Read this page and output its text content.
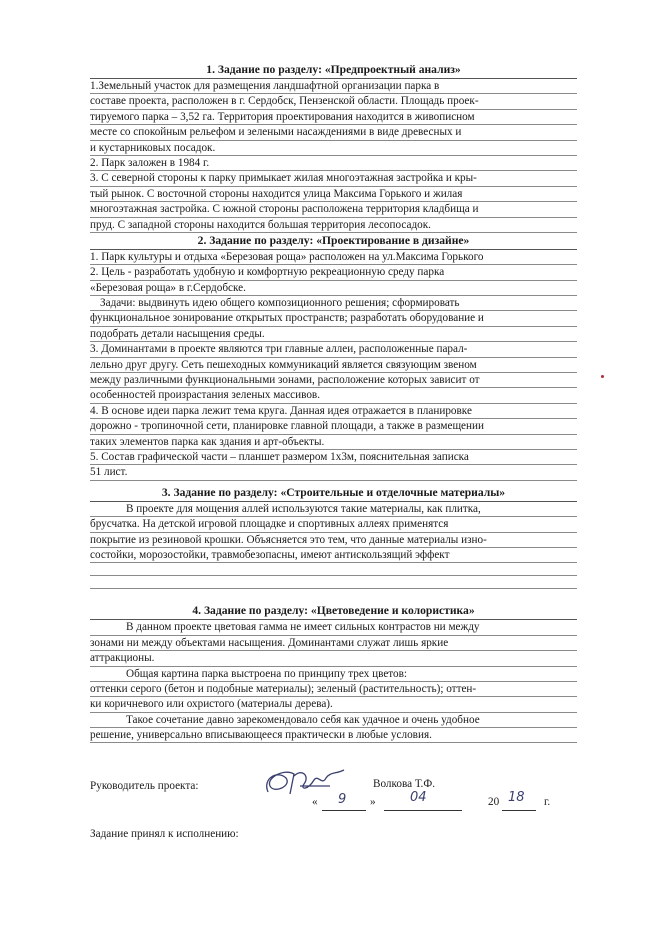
1. Задание по разделу: «Предпроектный анализ»
1.Земельный участок для размещения ландшафтной организации парка в
составе проекта, расположен в г. Сердобск, Пензенской области. Площадь проек-
тируемого парка – 3,52 га. Территория проектирования находится в живописном
месте со спокойным рельефом и зелеными насаждениями в виде древесных и
и кустарниковых посадок.
2. Парк заложен в 1984 г.
3. С северной стороны к парку примыкает жилая многоэтажная застройка и кры-
тый рынок. С восточной стороны находится улица Максима Горького и жилая
многоэтажная застройка. С южной стороны расположена территория кладбища и
пруд. С западной стороны находится большая территория лесопосадок.
2. Задание по разделу: «Проектирование в дизайне»
1. Парк культуры и отдыха «Березовая роща» расположен на ул.Максима Горького
2. Цель - разработать удобную и комфортную рекреационную среду парка
«Березовая роща» в г.Сердобске.
Задачи: выдвинуть идею общего композиционного решения; сформировать
функциональное зонирование открытых пространств; разработать оборудование и
подобрать детали насыщения среды.
3. Доминантами в проекте являются три главные аллеи, расположенные парал-
лельно друг другу. Сеть пешеходных коммуникаций является связующим звеном
между различными функциональными зонами, расположение которых зависит от
особенностей произрастания зеленых массивов.
4. В основе идеи парка лежит тема круга. Данная идея отражается в планировке
дорожно - тропиночной сети, планировке главной площади, а также в размещении
таких элементов парка как здания и арт-объекты.
5. Состав графической части – планшет размером 1х3м, пояснительная записка
51 лист.
3. Задание по разделу: «Строительные и отделочные материалы»
В проекте для мощения аллей используются такие материалы, как плитка,
брусчатка. На детской игровой площадке и спортивных аллеях применятся
покрытие из резиновой крошки. Объясняется это тем, что данные материалы изно-
состойки, морозостойки, травмобезопасны, имеют антискользящий эффект
4. Задание по разделу: «Цветоведение и колористика»
В данном проекте цветовая гамма не имеет сильных контрастов ни между
зонами ни между объектами насыщения. Доминантами служат лишь яркие
аттракционы.
Общая картина парка выстроена по принципу трех цветов:
оттенки серого (бетон и подобные материалы); зеленый (растительность); оттен-
ки коричневого или охристого (материалы дерева).
Такое сочетание давно зарекомендовало себя как удачное и очень удобное
решение, универсально вписывающееся практически в любые условия.
Руководитель проекта:	Волкова Т.Ф.
« 9 »	04	20 18 г.
Задание принял к исполнению:
